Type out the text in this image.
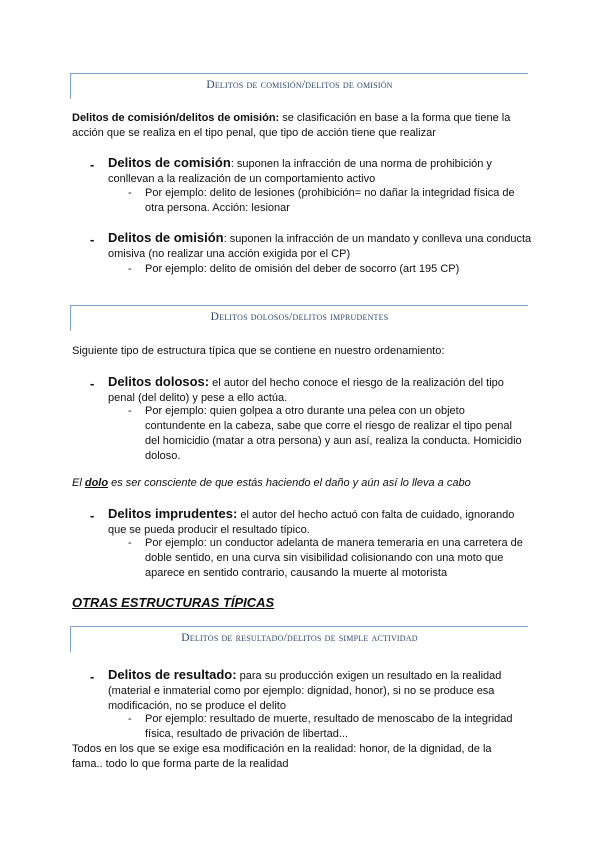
Delitos de comisión/delitos de omisión
Delitos de comisión/delitos de omisión: se clasificación en base a la forma que tiene la
acción que se realiza en el tipo penal, que tipo de acción tiene que realizar
- Delitos de comisión: suponen la infracción de una norma de prohibición y
conllevan a la realización de un comportamiento activo
- Por ejemplo: delito de lesiones (prohibición= no dañar la integridad física de
otra persona. Acción: lesionar
- Delitos de omisión: suponen la infracción de un mandato y conlleva una conducta
omisiva (no realizar una acción exigida por el CP)
- Por ejemplo: delito de omisión del deber de socorro (art 195 CP)
Delitos dolosos/delitos imprudentes
Siguiente tipo de estructura típica que se contiene en nuestro ordenamiento:
- Delitos dolosos: el autor del hecho conoce el riesgo de la realización del tipo
penal (del delito) y pese a ello actúa.
- Por ejemplo: quien golpea a otro durante una pelea con un objeto
contundente en la cabeza, sabe que corre el riesgo de realizar el tipo penal
del homicidio (matar a otra persona) y aun así, realiza la conducta. Homicidio
doloso.
El dolo es ser consciente de que estás haciendo el daño y aún así lo lleva a cabo
- Delitos imprudentes: el autor del hecho actuó con falta de cuidado, ignorando
que se pueda producir el resultado típico.
- Por ejemplo: un conductor adelanta de manera temeraria en una carretera de
doble sentido, en una curva sin visibilidad colisionando con una moto que
aparece en sentido contrario, causando la muerte al motorista
OTRAS ESTRUCTURAS TÍPICAS
Delitos de resultado/delitos de simple actividad
- Delitos de resultado: para su producción exigen un resultado en la realidad
(material e inmaterial como por ejemplo: dignidad, honor), si no se produce esa
modificación, no se produce el delito
- Por ejemplo: resultado de muerte, resultado de menoscabo de la integridad
física, resultado de privación de libertad...
Todos en los que se exige esa modificación en la realidad: honor, de la dignidad, de la
fama.. todo lo que forma parte de la realidad
